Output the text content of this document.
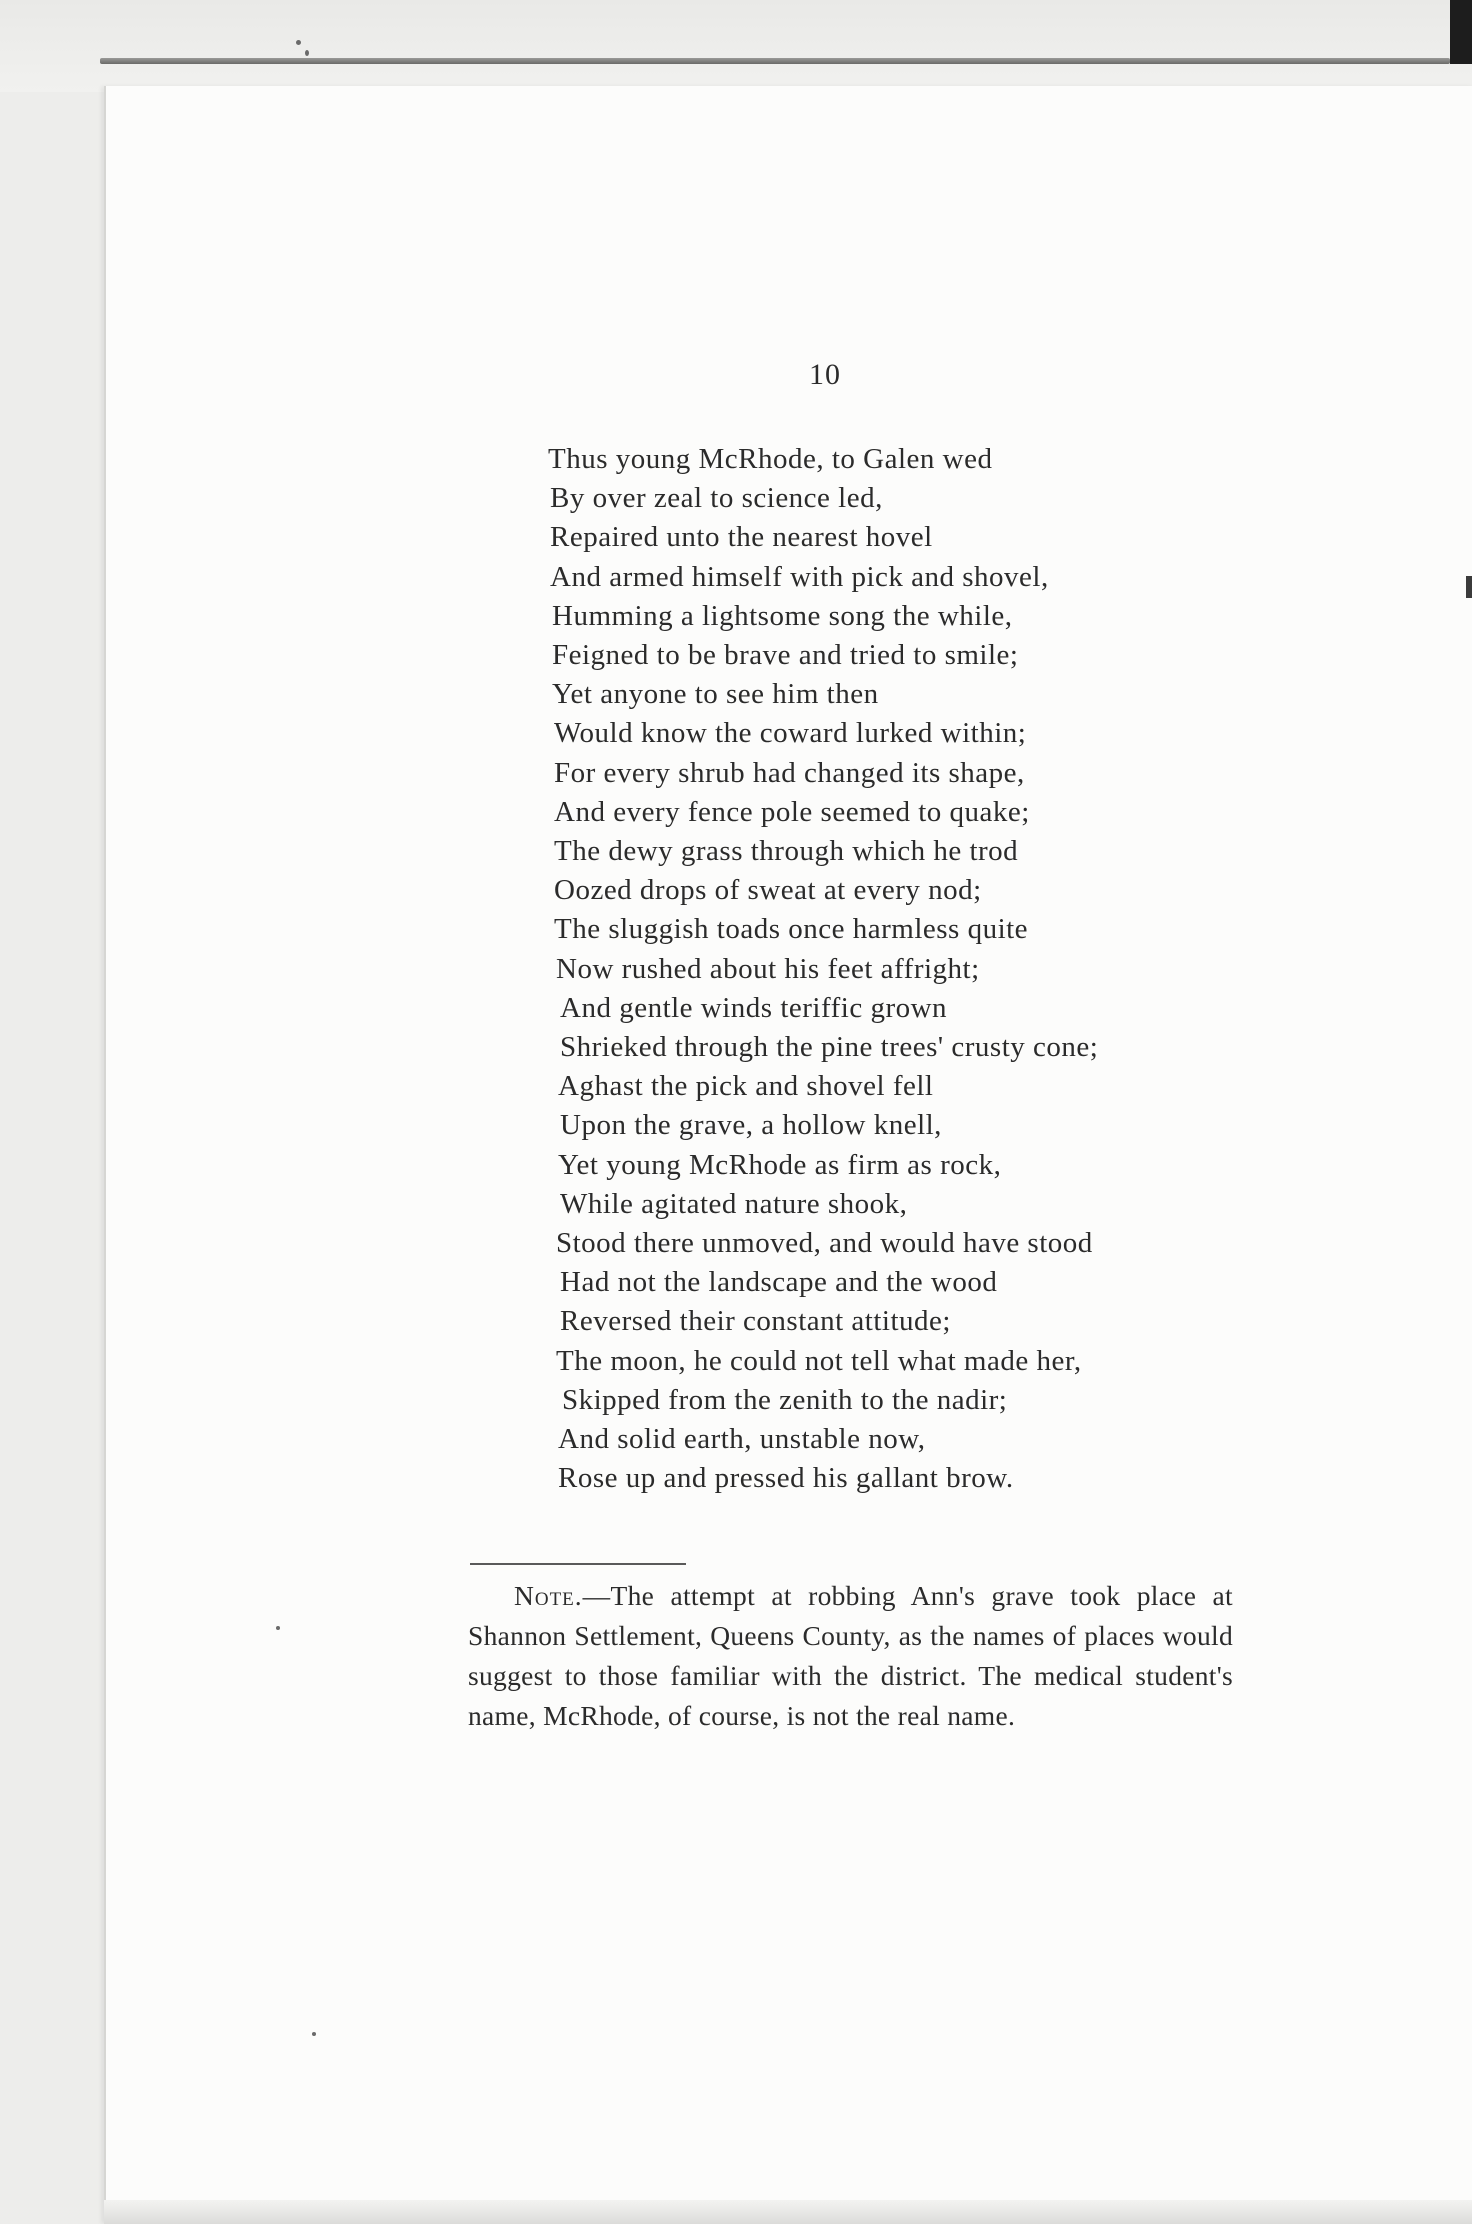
10
Thus young McRhode, to Galen wed
By over zeal to science led,
Repaired unto the nearest hovel
And armed himself with pick and shovel,
Humming a lightsome song the while,
Feigned to be brave and tried to smile;
Yet anyone to see him then
Would know the coward lurked within;
For every shrub had changed its shape,
And every fence pole seemed to quake;
The dewy grass through which he trod
Oozed drops of sweat at every nod;
The sluggish toads once harmless quite
Now rushed about his feet affright;
And gentle winds teriffic grown
Shrieked through the pine trees' crusty cone;
Aghast the pick and shovel fell
Upon the grave, a hollow knell,
Yet young McRhode as firm as rock,
While agitated nature shook,
Stood there unmoved, and would have stood
Had not the landscape and the wood
Reversed their constant attitude;
The moon, he could not tell what made her,
Skipped from the zenith to the nadir;
And solid earth, unstable now,
Rose up and pressed his gallant brow.

Note.—The attempt at robbing Ann's grave took place at Shannon Settlement, Queens County, as the names of places would suggest to those familiar with the district. The medical student's name, McRhode, of course, is not the real name.
